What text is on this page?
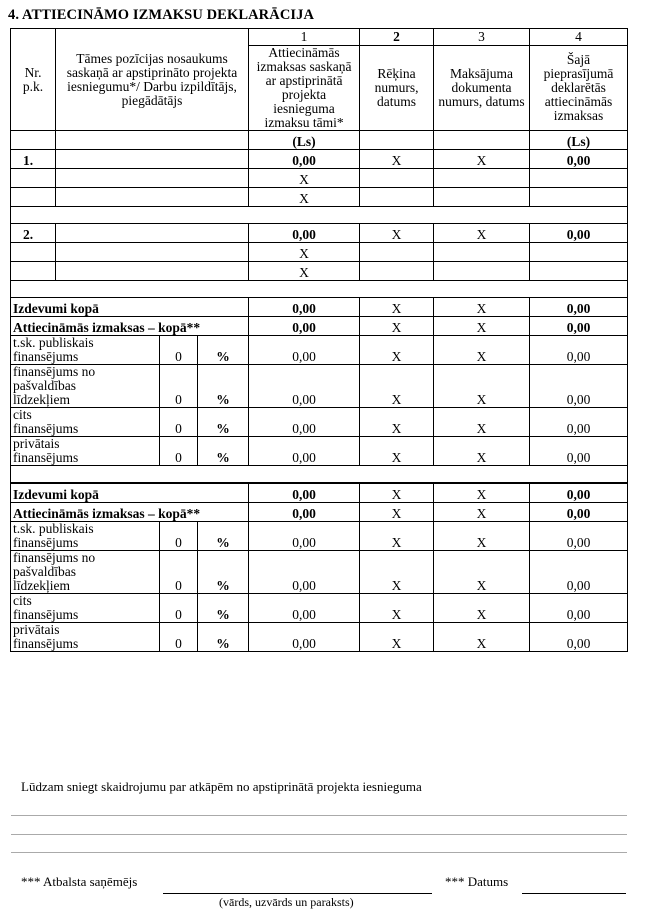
4. ATTIECINĀMO IZMAKSU DEKLARĀCIJA
Nr.
p.k.	Tāmes pozīcijas nosaukums saskaņā ar apstiprināto projekta iesniegumu*/ Darbu izpildītājs, piegādātājs			1	2	3	4
				Attiecināmās izmaksas saskaņā ar apstiprinātā projekta iesnieguma izmaksu tāmi*	Rēķina numurs, datums	Maksājuma dokumenta numurs, datums	Šajā pieprasījumā deklarētās attiecināmās izmaksas
				(Ls)			(Ls)
1.				0,00	X	X	0,00
				X			
				X			

2.				0,00	X	X	0,00
				X			
				X			

Izdevumi kopā				0,00	X	X	0,00
Attiecināmās izmaksas – kopā**				0,00	X	X	0,00
t.sk. publiskais finansējums		0	%	0,00	X	X	0,00
finansējums no pašvaldības līdzekļiem		0	%	0,00	X	X	0,00
cits finansējums		0	%	0,00	X	X	0,00
privātais finansējums		0	%	0,00	X	X	0,00

Izdevumi kopā				0,00	X	X	0,00
Attiecināmās izmaksas – kopā**				0,00	X	X	0,00
t.sk. publiskais finansējums		0	%	0,00	X	X	0,00
finansējums no pašvaldības līdzekļiem		0	%	0,00	X	X	0,00
cits finansējums		0	%	0,00	X	X	0,00
privātais finansējums		0	%	0,00	X	X	0,00
Lūdzam sniegt skaidrojumu par atkāpēm no apstiprinātā projekta iesnieguma
*** Atbalsta saņēmējs	*** Datums
(vārds, uzvārds un paraksts)
